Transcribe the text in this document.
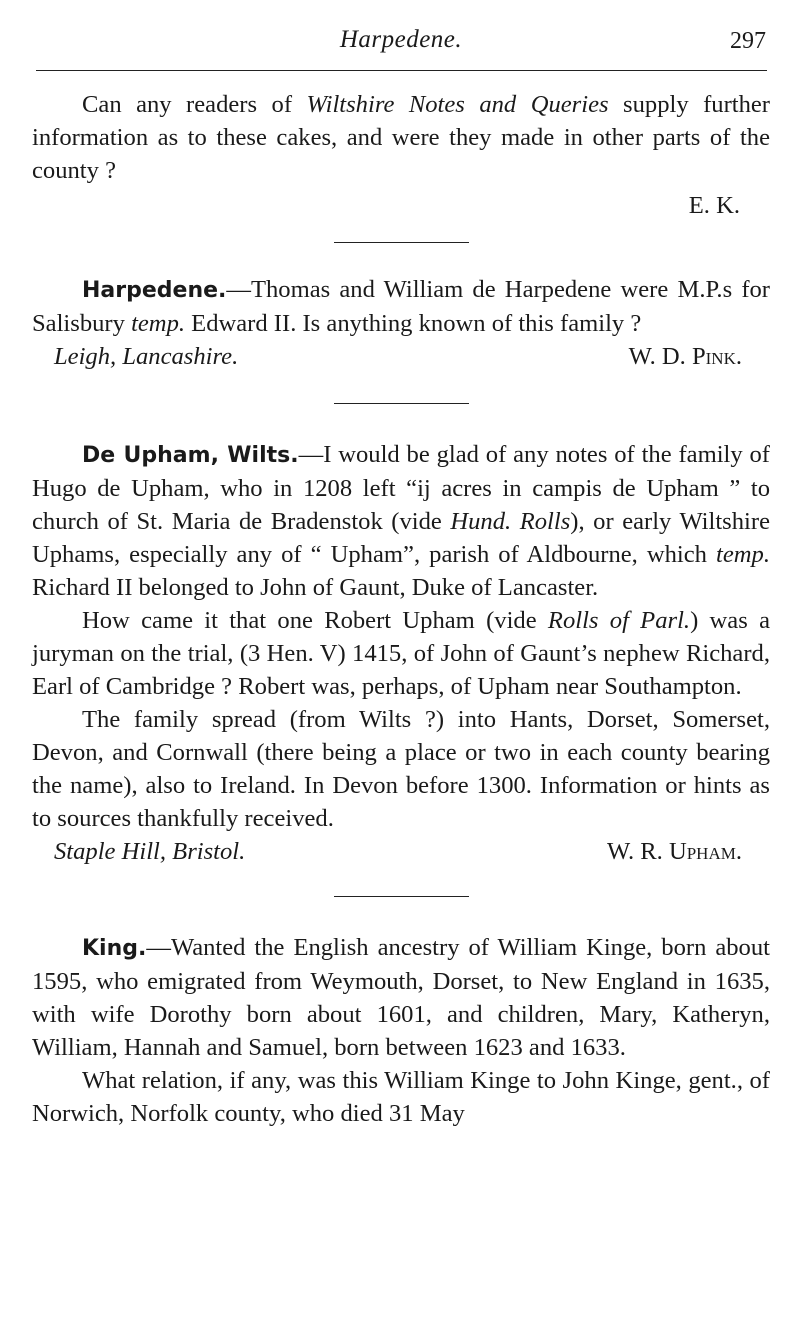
Harpedene.	297

Can any readers of Wiltshire Notes and Queries supply further information as to these cakes, and were they made in other parts of the county ?

E. K.

Harpedene.—Thomas and William de Harpedene were M.P.s for Salisbury temp. Edward II. Is anything known of this family ?

Leigh, Lancashire.	W. D. Pink.

De Upham, Wilts.—I would be glad of any notes of the family of Hugo de Upham, who in 1208 left “ij acres in campis de Upham ” to church of St. Maria de Bradenstok (vide Hund. Rolls), or early Wiltshire Uphams, especially any of “ Upham”, parish of Aldbourne, which temp. Richard II belonged to John of Gaunt, Duke of Lancaster.

How came it that one Robert Upham (vide Rolls of Parl.) was a juryman on the trial, (3 Hen. V) 1415, of John of Gaunt’s nephew Richard, Earl of Cambridge ? Robert was, perhaps, of Upham near Southampton.

The family spread (from Wilts ?) into Hants, Dorset, Somerset, Devon, and Cornwall (there being a place or two in each county bearing the name), also to Ireland. In Devon before 1300. Information or hints as to sources thankfully received.

Staple Hill, Bristol.	W. R. Upham.

King.—Wanted the English ancestry of William Kinge, born about 1595, who emigrated from Weymouth, Dorset, to New England in 1635, with wife Dorothy born about 1601, and children, Mary, Katheryn, William, Hannah and Samuel, born between 1623 and 1633.

What relation, if any, was this William Kinge to John Kinge, gent., of Norwich, Norfolk county, who died 31 May
